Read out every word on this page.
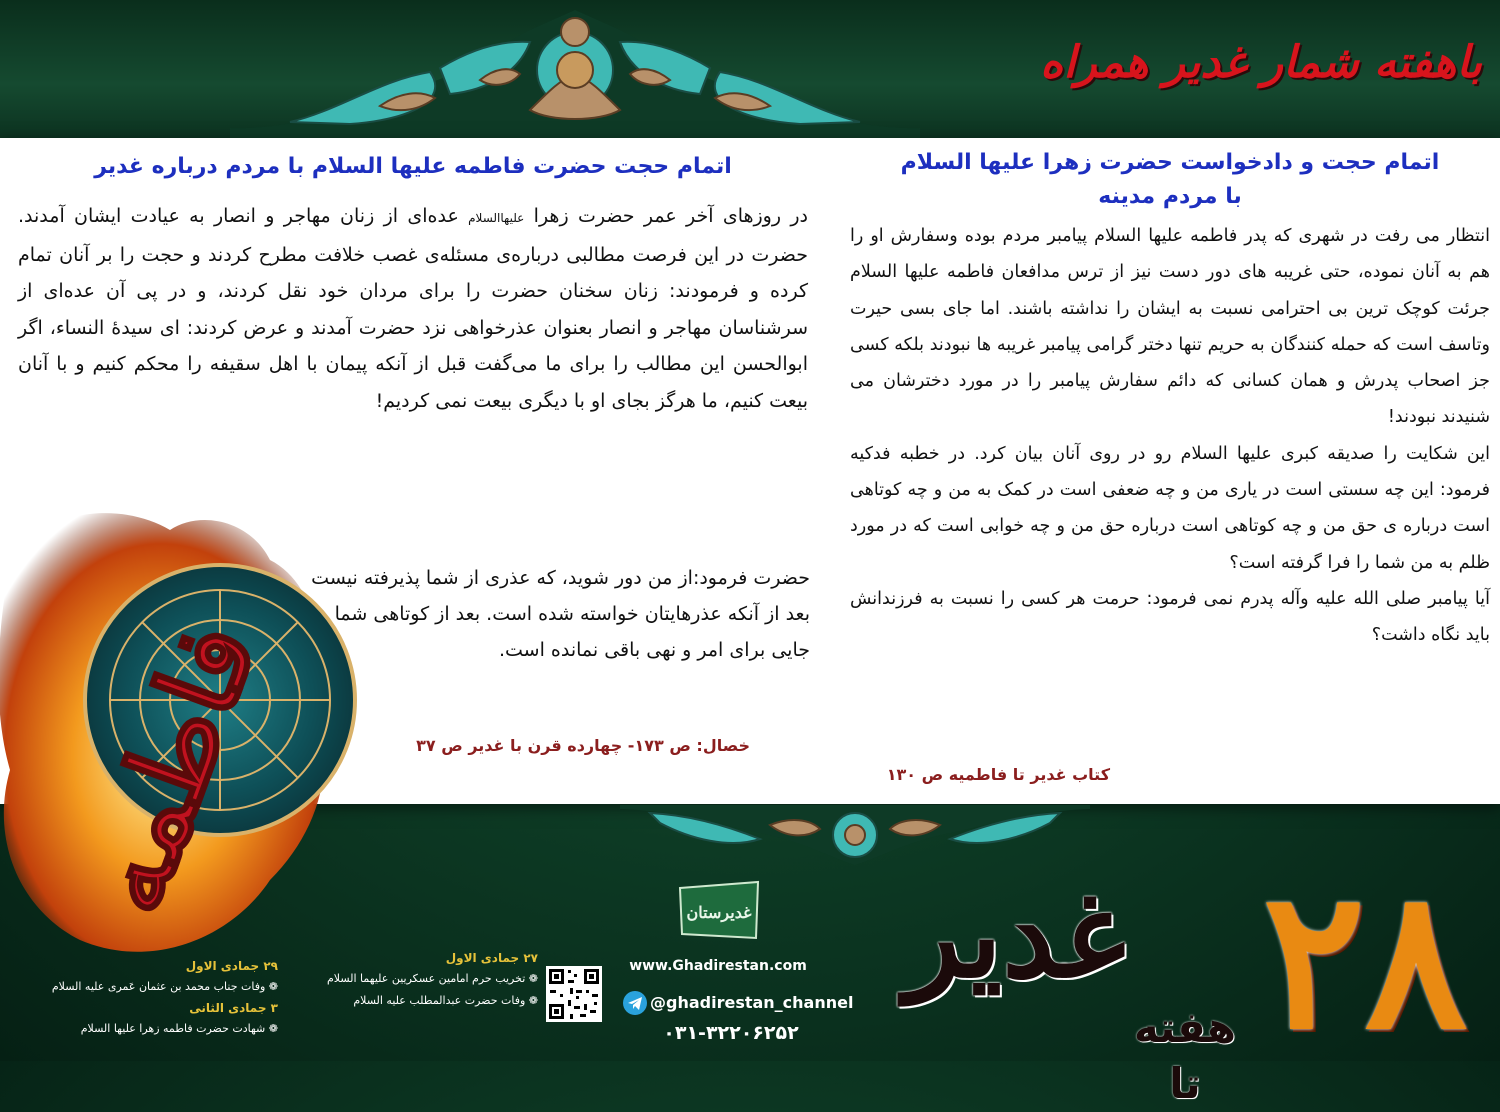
باهفته شمار غدیر همراه
اتمام حجت و دادخواست حضرت زهرا علیها السلام
با مردم مدینه
انتظار می رفت در شهری که پدر فاطمه علیها السلام پیامبر مردم بوده وسفارش او را هم به آنان نموده، حتی غریبه های دور دست نیز از ترس مدافعان فاطمه علیها السلام جرئت کوچک ترین بی احترامی نسبت به ایشان را نداشته باشند. اما جای بسی حیرت وتاسف است که حمله کنندگان به حریم تنها دختر گرامی پیامبر غریبه ها نبودند بلکه کسی جز اصحاب پدرش و همان کسانی که دائم سفارش پیامبر را در مورد دخترشان می شنیدند نبودند!
این شکایت را صدیقه کبری علیها السلام رو در روی آنان بیان کرد. در خطبه فدکیه فرمود: این چه سستی است در یاری من و چه ضعفی است در کمک به من و چه کوتاهی است درباره ی حق من و چه کوتاهی است درباره حق من و چه خوابی است که در مورد ظلم به من شما را فرا گرفته است؟
آیا پیامبر صلی الله علیه وآله پدرم نمی فرمود: حرمت هر کسی را نسبت به فرزندانش باید نگاه داشت؟
کتاب غدیر تا فاطمیه ص ۱۳۰
اتمام حجت حضرت فاطمه علیها السلام با مردم درباره غدیر
در روزهای آخر عمر حضرت زهرا علیهاالسلام عده‌ای از زنان مهاجر و انصار به عیادت ایشان آمدند. حضرت در این فرصت مطالبی درباره‌ی مسئله‌ی غصب خلافت مطرح کردند و حجت را بر آنان تمام کرده و فرمودند: زنان سخنان حضرت را برای مردان خود نقل کردند، و در پی آن عده‌ای از سرشناسان مهاجر و انصار بعنوان عذرخواهی نزد حضرت آمدند و عرض کردند: ای سیدهٔ النساء، اگر ابوالحسن این مطالب را برای ما می‌گفت قبل از آنکه پیمان با اهل سقیفه را محکم کنیم و با آنان بیعت کنیم، ما هرگز بجای او با دیگری بیعت نمی کردیم!
حضرت فرمود:از من دور شوید، که عذری از شما پذیرفته نیست بعد از آنکه عذرهایتان خواسته شده است. بعد از کوتاهی شما جایی برای امر و نهی باقی نمانده است.
خصال: ص ۱۷۳- چهارده قرن با غدیر ص ۳۷
فاطمه
۲۸
غدیر
هفته تا
غدیرستان
www.Ghadirestan.com
@ghadirestan_channel
۰۳۱-۳۲۲۰۶۲۵۲
۲۷ جمادی الاول
❁ تخریب حرم امامین عسکریین علیهما السلام
❁ وفات حضرت عبدالمطلب علیه السلام
۲۹ جمادی الاول
❁ وفات جناب محمد بن عثمان عَمری علیه السلام
۳ جمادی الثانی
❁ شهادت حضرت فاطمه زهرا علیها السلام
